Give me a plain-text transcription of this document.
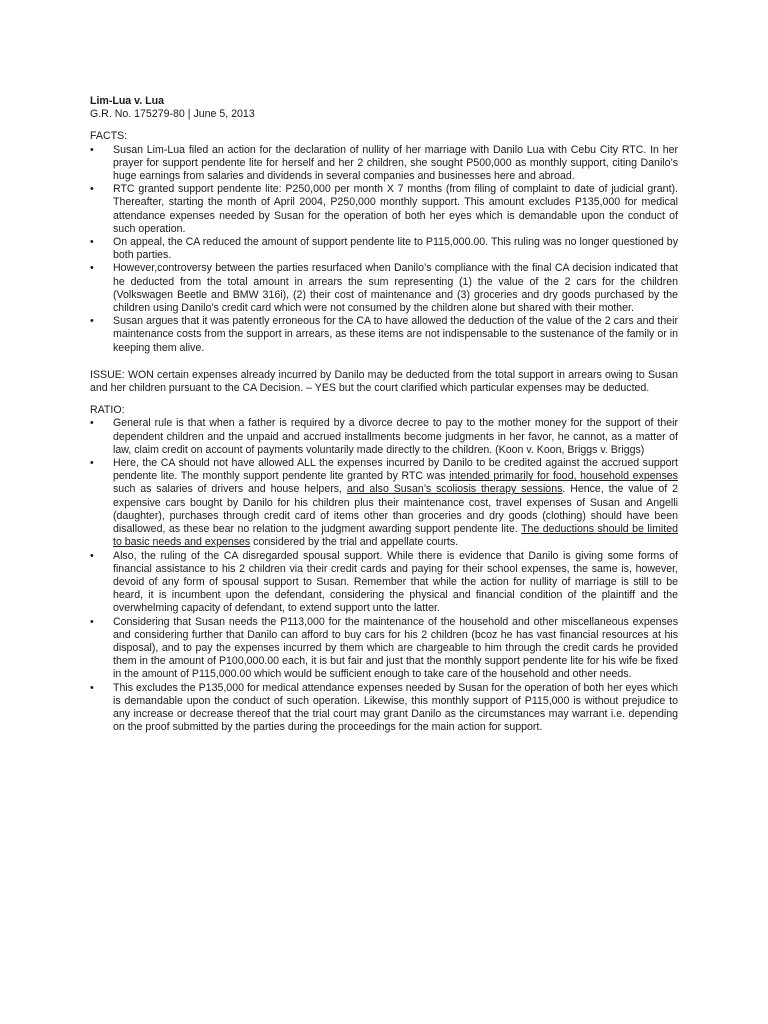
Lim-Lua v. Lua

G.R. No. 175279-80 | June 5, 2013

FACTS:

• Susan Lim-Lua filed an action for the declaration of nullity of her marriage with Danilo Lua with Cebu City RTC. In her prayer for support pendente lite for herself and her 2 children, she sought P500,000 as monthly support, citing Danilo’s huge earnings from salaries and dividends in several companies and businesses here and abroad.
• RTC granted support pendente lite: P250,000 per month X 7 months (from filing of complaint to date of judicial grant). Thereafter, starting the month of April 2004, P250,000 monthly support. This amount excludes P135,000 for medical attendance expenses needed by Susan for the operation of both her eyes which is demandable upon the conduct of such operation.
• On appeal, the CA reduced the amount of support pendente lite to P115,000.00. This ruling was no longer questioned by both parties.
• However,controversy between the parties resurfaced when Danilo’s compliance with the final CA decision indicated that he deducted from the total amount in arrears the sum representing (1) the value of the 2 cars for the children (Volkswagen Beetle and BMW 316i), (2) their cost of maintenance and (3) groceries and dry goods purchased by the children using Danilo’s credit card which were not consumed by the children alone but shared with their mother.
• Susan argues that it was patently erroneous for the CA to have allowed the deduction of the value of the 2 cars and their maintenance costs from the support in arrears, as these items are not indispensable to the sustenance of the family or in keeping them alive.

ISSUE: WON certain expenses already incurred by Danilo may be deducted from the total support in arrears owing to Susan and her children pursuant to the CA Decision. – YES but the court clarified which particular expenses may be deducted.

RATIO:

• General rule is that when a father is required by a divorce decree to pay to the mother money for the support of their dependent children and the unpaid and accrued installments become judgments in her favor, he cannot, as a matter of law, claim credit on account of payments voluntarily made directly to the children. (Koon v. Koon, Briggs v. Briggs)
• Here, the CA should not have allowed ALL the expenses incurred by Danilo to be credited against the accrued support pendente lite. The monthly support pendente lite granted by RTC was intended primarily for food, household expenses such as salaries of drivers and house helpers, and also Susan’s scoliosis therapy sessions. Hence, the value of 2 expensive cars bought by Danilo for his children plus their maintenance cost, travel expenses of Susan and Angelli (daughter), purchases through credit card of items other than groceries and dry goods (clothing) should have been disallowed, as these bear no relation to the judgment awarding support pendente lite. The deductions should be limited to basic needs and expenses considered by the trial and appellate courts.
• Also, the ruling of the CA disregarded spousal support. While there is evidence that Danilo is giving some forms of financial assistance to his 2 children via their credit cards and paying for their school expenses, the same is, however, devoid of any form of spousal support to Susan. Remember that while the action for nullity of marriage is still to be heard, it is incumbent upon the defendant, considering the physical and financial condition of the plaintiff and the overwhelming capacity of defendant, to extend support unto the latter.
• Considering that Susan needs the P113,000 for the maintenance of the household and other miscellaneous expenses and considering further that Danilo can afford to buy cars for his 2 children (bcoz he has vast financial resources at his disposal), and to pay the expenses incurred by them which are chargeable to him through the credit cards he provided them in the amount of P100,000.00 each, it is but fair and just that the monthly support pendente lite for his wife be fixed in the amount of P115,000.00 which would be sufficient enough to take care of the household and other needs.
• This excludes the P135,000 for medical attendance expenses needed by Susan for the operation of both her eyes which is demandable upon the conduct of such operation. Likewise, this monthly support of P115,000 is without prejudice to any increase or decrease thereof that the trial court may grant Danilo as the circumstances may warrant i.e. depending on the proof submitted by the parties during the proceedings for the main action for support.
